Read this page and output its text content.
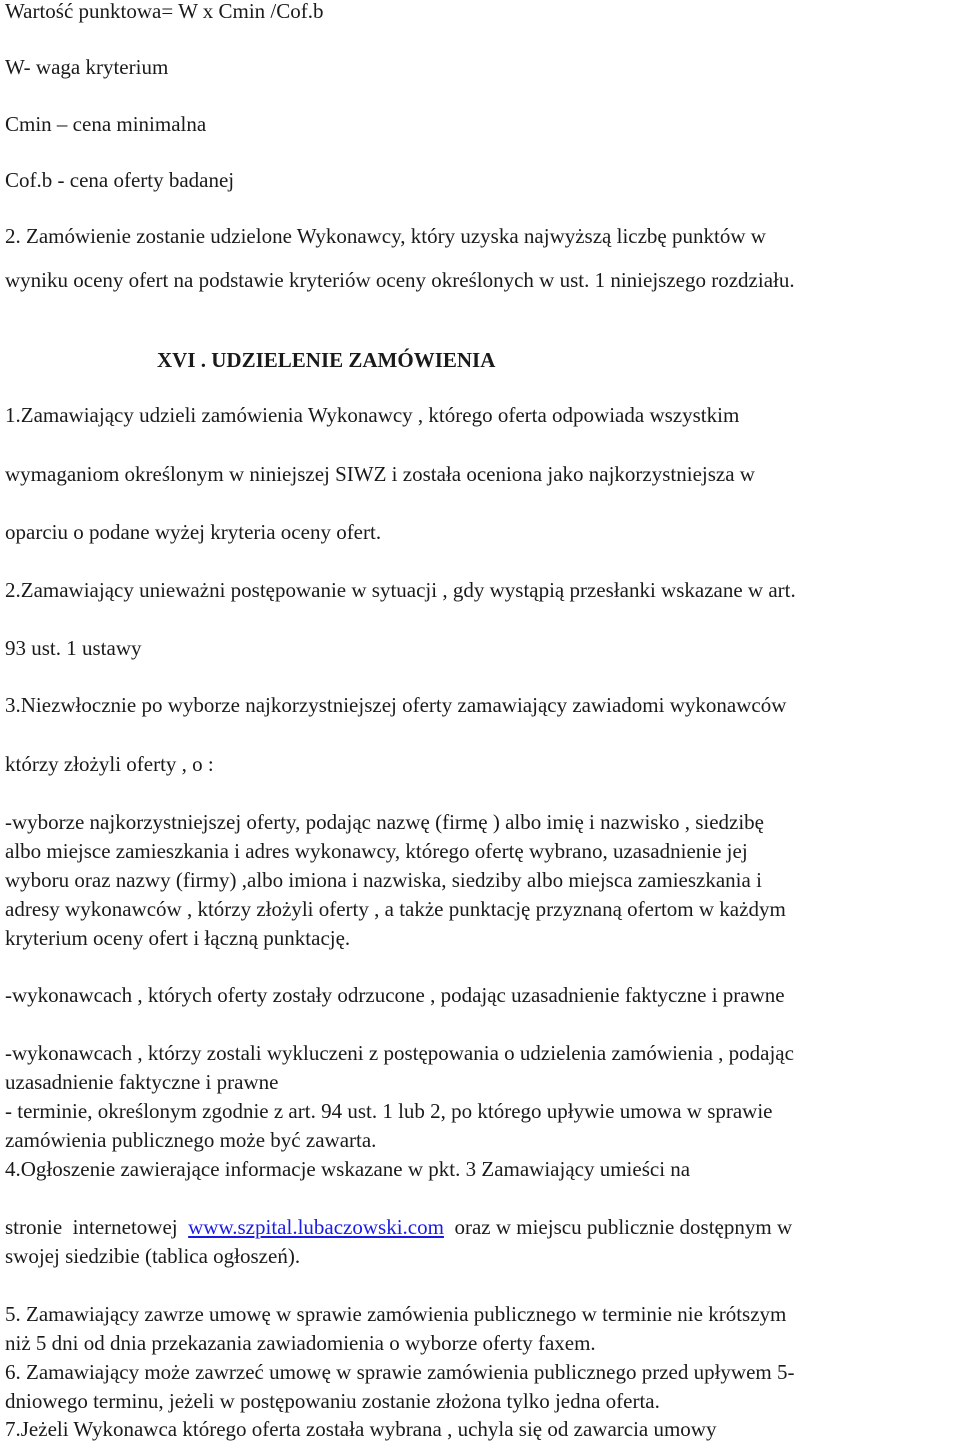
Wartość punktowa= W x Cmin /Cof.b

W- waga kryterium

Cmin – cena minimalna

Cof.b - cena oferty badanej

2. Zamówienie zostanie udzielone Wykonawcy, który uzyska najwyższą liczbę punktów w

wyniku oceny ofert na podstawie kryteriów oceny określonych w ust. 1 niniejszego rozdziału.

XVI . UDZIELENIE ZAMÓWIENIA

1.Zamawiający udzieli zamówienia Wykonawcy , którego oferta odpowiada wszystkim

wymaganiom określonym w niniejszej SIWZ i została oceniona jako najkorzystniejsza w

oparciu o podane wyżej kryteria oceny ofert.

2.Zamawiający unieważni postępowanie w sytuacji , gdy wystąpią przesłanki wskazane w art.

93 ust. 1 ustawy

3.Niezwłocznie po wyborze najkorzystniejszej oferty zamawiający zawiadomi wykonawców

którzy złożyli oferty , o :

-wyborze najkorzystniejszej oferty, podając nazwę (firmę ) albo imię i nazwisko , siedzibę

albo miejsce zamieszkania i adres wykonawcy, którego ofertę wybrano, uzasadnienie jej

wyboru oraz nazwy (firmy) ,albo imiona i nazwiska, siedziby albo miejsca zamieszkania i

adresy wykonawców , którzy złożyli oferty , a także punktację przyznaną ofertom w każdym

kryterium oceny ofert i łączną punktację.

-wykonawcach , których oferty zostały odrzucone , podając uzasadnienie faktyczne i prawne

-wykonawcach , którzy zostali wykluczeni z postępowania o udzielenia zamówienia , podając

uzasadnienie faktyczne i prawne

- terminie, określonym zgodnie z art. 94 ust. 1 lub 2, po którego upływie umowa w sprawie

zamówienia publicznego może być zawarta.

4.Ogłoszenie zawierające informacje wskazane w pkt. 3 Zamawiający umieści na

stronie  internetowej  www.szpital.lubaczowski.com  oraz w miejscu publicznie dostępnym w

swojej siedzibie (tablica ogłoszeń).

5. Zamawiający zawrze umowę w sprawie zamówienia publicznego w terminie nie krótszym

niż 5 dni od dnia przekazania zawiadomienia o wyborze oferty faxem.

6. Zamawiający może zawrzeć umowę w sprawie zamówienia publicznego przed upływem 5-

dniowego terminu, jeżeli w postępowaniu zostanie złożona tylko jedna oferta.

7.Jeżeli Wykonawca którego oferta została wybrana , uchyla się od zawarcia umowy
